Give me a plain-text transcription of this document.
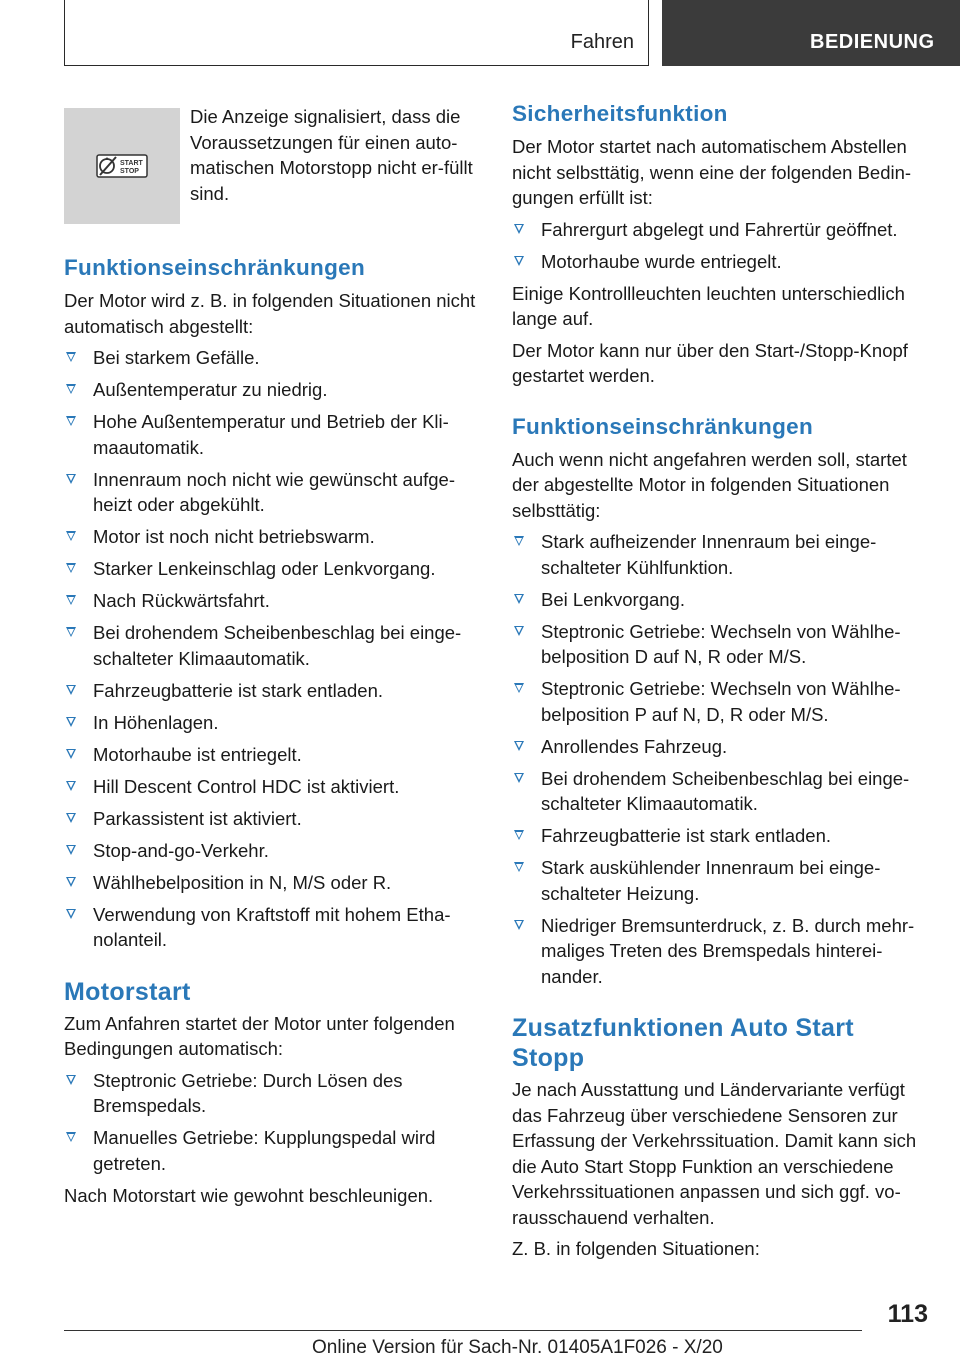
Fahren	BEDIENUNG
START
STOP

Die Anzeige signalisiert, dass die Voraussetzungen für einen auto-matischen Motorstopp nicht er-füllt sind.

Funktionseinschränkungen

Der Motor wird z. B. in folgenden Situationen nicht automatisch abgestellt:

Bei starkem Gefälle.
Außentemperatur zu niedrig.
Hohe Außentemperatur und Betrieb der Kli-maautomatik.
Innenraum noch nicht wie gewünscht aufge-heizt oder abgekühlt.
Motor ist noch nicht betriebswarm.
Starker Lenkeinschlag oder Lenkvorgang.
Nach Rückwärtsfahrt.
Bei drohendem Scheibenbeschlag bei einge-schalteter Klimaautomatik.
Fahrzeugbatterie ist stark entladen.
In Höhenlagen.
Motorhaube ist entriegelt.
Hill Descent Control HDC ist aktiviert.
Parkassistent ist aktiviert.
Stop-and-go-Verkehr.
Wählhebelposition in N, M/S oder R.
Verwendung von Kraftstoff mit hohem Etha-nolanteil.
Motorstart

Zum Anfahren startet der Motor unter folgenden Bedingungen automatisch:

Steptronic Getriebe: Durch Lösen des Bremspedals.
Manuelles Getriebe: Kupplungspedal wird getreten.

Nach Motorstart wie gewohnt beschleunigen.

Sicherheitsfunktion

Der Motor startet nach automatischem Abstellen nicht selbsttätig, wenn eine der folgenden Bedin-gungen erfüllt ist:

Fahrergurt abgelegt und Fahrertür geöffnet.
Motorhaube wurde entriegelt.

Einige Kontrollleuchten leuchten unterschiedlich lange auf.

Der Motor kann nur über den Start-/Stopp-Knopf gestartet werden.

Funktionseinschränkungen

Auch wenn nicht angefahren werden soll, startet der abgestellte Motor in folgenden Situationen selbsttätig:

Stark aufheizender Innenraum bei einge-schalteter Kühlfunktion.
Bei Lenkvorgang.
Steptronic Getriebe: Wechseln von Wählhe-belposition D auf N, R oder M/S.
Steptronic Getriebe: Wechseln von Wählhe-belposition P auf N, D, R oder M/S.
Anrollendes Fahrzeug.
Bei drohendem Scheibenbeschlag bei einge-schalteter Klimaautomatik.
Fahrzeugbatterie ist stark entladen.
Stark auskühlender Innenraum bei einge-schalteter Heizung.
Niedriger Bremsunterdruck, z. B. durch mehr-maliges Treten des Bremspedals hinterei-nander.
Zusatzfunktionen Auto Start Stopp

Je nach Ausstattung und Ländervariante verfügt das Fahrzeug über verschiedene Sensoren zur Erfassung der Verkehrssituation. Damit kann sich die Auto Start Stopp Funktion an verschiedene Verkehrssituationen anpassen und sich ggf. vo-rausschauend verhalten.

Z. B. in folgenden Situationen:

113
Online Version für Sach-Nr. 01405A1F026 - X/20
